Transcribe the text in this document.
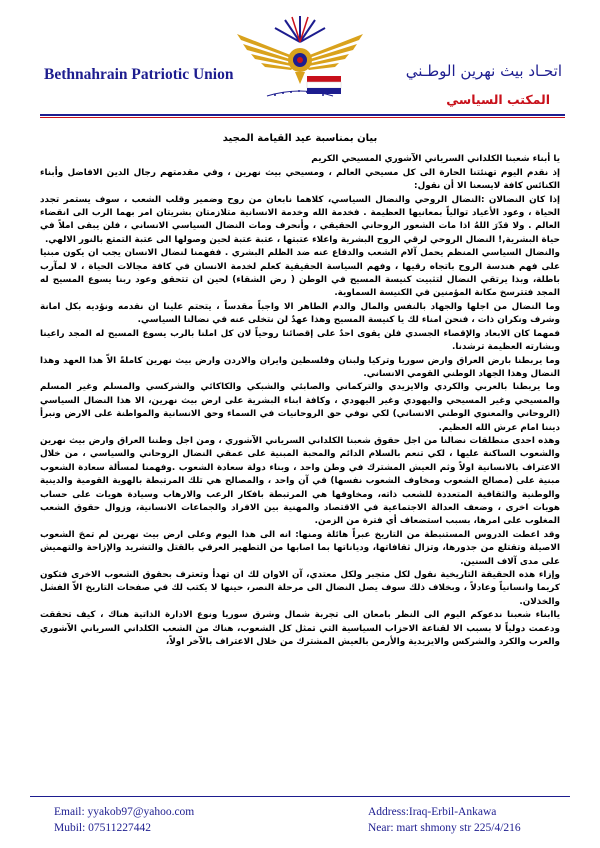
Bethnahrain Patriotic Union	اتحـاد بيث نهرين الوطـني
المكتب السياسي
بيان بمناسبة عيد القيامة المجيد

يا أبناء شعبنا الكلداني السرياني الآشوري المسيحي الكريم

إذ نقدم اليوم تهنئتنا الحارة الى كل مسيحي العالم ، ومسيحي بيث نهرين ، وفي مقدمتهم رجال الدين الافاضل وأبناء الكنائس كافة لايسعنا الا أن نقول:

إذا كان النضالان :النضال الروحي والنضال السياسي، كلاهما نابعان من روح وضمير وقلب الشعب ، سوف يستمر تجدد الحياة ، وعود الأعياد توالياً بمعانيها العظيمة . فخدمة الله وخدمة الانسانية متلازمتان بشريتان امر بهما الرب الى انقضاء العالم . ولا قدّرَ اللهُ اذا مات الشعور الروحاني الحقيقي ، وأنحرف ومات النضال السياسي الانساني ، فلن يبقى املاً في حياة البشرية,! النضال الروحي لرقي الروح البشرية واعلاء عتبتها ، عتبة عتبة لحين وصولها الى عتبة التمتع بالنور الالهي.

والنضال السياسي المنظم يحمل آلام الشعب والدفاع عنه ضد الظلم البشري . ففهمنا لنضال الانسان يجب ان يكون مبنيا على فهم هندسة الروح باتجاه رقيها ، وفهم السياسة الحقيقية كعلم لخدمة الانسان في كافة مجالات الحياة ، لا لمآرب باطلة، وبذا يرتقي النضال لتثبيت كنيسة المسيح في الوطن ( رض الشقاء) لحين ان تتحقق وعود ربنا يسوع المسيح له المجد فتترسخ مكانة المؤمنين في الكنيسة السماوية.

وما النضال من اجلها والجهاد بالنفس والمال والدم الطاهر الا واجباً مقدساً ، يتحتم علينا ان نقدمه ونؤديه بكل امانة وشرف ونكران ذات ، فنحن امناء لك يا كنيسة المسيح وهذا عهدٌ لن نتخلى عنه في نضالنا السياسي.

فمهما كان الابعاد والإقصاء الجسدي فلن يقوى احدٌ على إقصائنا روحياً لان كل املنا بالرب يسوع المسيح له المجد راعينا وبشارته العظيمة ترشدنا.

وما يربطنا بارض العراق وارض سوريا وتركيا ولبنان وفلسطين وايران والاردن وارض بيث نهرين كاملةً الاّ هذا العهد وهذا النضال وهذا الجهاد الوطني القومي الانساني.

وما يربطنا بالعربي والكردي والايزيدي والتركماني والصابئي والشبكي والكاكائي والشركسي والمسلم وغير المسلم والمسيحي وغير المسيحي واليهودي وغير اليهودي ، وكافة ابناء البشرية على ارض بيث نهرين، الا هذا النضال السياسي (الروحاني والمعنوي الوطني الانساني) لكي نوفي حق الروحانيات في السماء وحق الانسانية والمواطنة على الارض ونبرأ ديننا امام عرش الله العظيم.

وهذه احدى منطلقات نضالنا من اجل حقوق شعبنا الكلداني السرياني الآشوري ، ومن اجل وطننا العراق وارض بيث نهرين والشعوب الساكنة عليها ، لكي تنعم بالسلام الدائم والمحبة المبنية على عمقي النضال الروحاني والسياسي ، من خلال الاعتراف بالانسانية اولاً وثم العيش المشترك في وطن واحد ، وبناء دولة سعادة الشعوب .وفهمنا لمسألة سعادة الشعوب مبنية على (مصالح الشعوب ومخاوف الشعوب نفسها) في آن واحد ، والمصالح هي تلك المرتبطة بالهوية القومية والدينية والوطنية والثقافية المتعددة للشعب ذاته، ومخاوفها هي المرتبطة بافكار الرعب والارهاب وسيادة هويات على حساب هويات اخرى ، وضعف العدالة الاجتماعية في الاقتصاد والمهنية بين الافراد والجماعات الانسانية، وزوال حقوق الشعب المغلوب على امرها، بسبب استضعاف أي فترة من الزمن.

وقد اعطت الدروس المستنبطة من التاريخ عبراً هائلة ومنها: انه الى هذا اليوم وعلى ارض بيث نهرين لم تمحَ الشعوب الاصيلة وتقتلع من جذورها، وتزال ثقافاتها، ودياناتها بما اصابها من التطهير العرقي بالقتل والتشريد والإزاحة والتهميش على مدى آلاف السنين.

وإزاء هذه الحقيقة التاريخية نقول لكل متجبر ولكل معتدي، آن الاوان لك ان تهدأ وتعترف بحقوق الشعوب الاخرى فتكون كريما وانسانياً وعادلاً ، وبخلاف ذلك سوف يصل النضال الى مرحلة النصر، حينها لا يكتب لك في صفحات التاريخ الاّ الفشل والخذلان.

ياابناء شعبنا ندعوكم اليوم الى النظر بامعان الى تجربة شمال وشرق سوريا ونوع الادارة الذاتية هناك ، كيف تحققت ودعمت دولياً لا بسبب الا لقناعة الاحزاب السياسية التي تمثل كل الشعوب، هناك من الشعب الكلداني السرياني الآشوري والعرب والكرد والشركس والايزيدية والأرمن بالعيش المشترك من خلال الاعتراف بالآخر اولاً،

Email: yyakob97@yahoo.com
Mubil: 07511227442
Address:Iraq-Erbil-Ankawa
Near: mart shmony str 225/4/216
